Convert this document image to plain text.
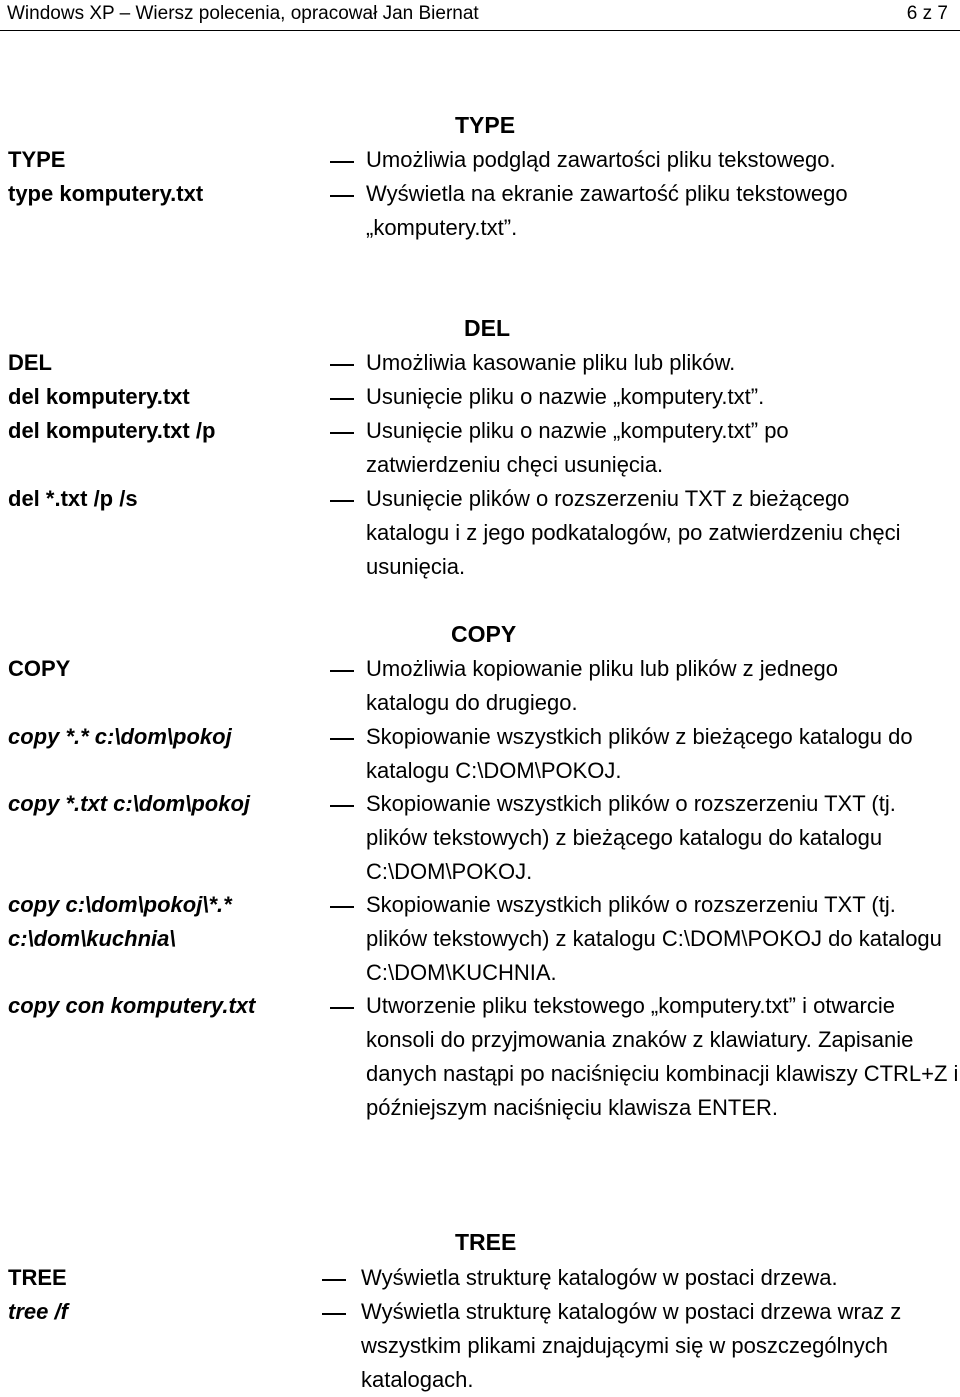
Windows XP – Wiersz polecenia, opracował Jan Biernat	6 z 7
TYPE
TYPE
type komputery.txt
Umożliwia podgląd zawartości pliku tekstowego.
Wyświetla na ekranie zawartość pliku tekstowego „komputery.txt”.
DEL
DEL
del komputery.txt
del komputery.txt /p
del *.txt /p /s
Umożliwia kasowanie pliku lub plików.
Usunięcie pliku o nazwie „komputery.txt”.
Usunięcie pliku o nazwie „komputery.txt” po zatwierdzeniu chęci usunięcia.
Usunięcie plików o rozszerzeniu TXT z bieżącego katalogu i z jego podkatalogów, po zatwierdzeniu chęci usunięcia.
COPY
COPY
copy *.* c:\dom\pokoj
copy *.txt c:\dom\pokoj
copy c:\dom\pokoj\*.*
c:\dom\kuchnia\
copy con komputery.txt
Umożliwia kopiowanie pliku lub plików z jednego katalogu do drugiego.
Skopiowanie wszystkich plików z bieżącego katalogu do katalogu C:\DOM\POKOJ.
Skopiowanie wszystkich plików o rozszerzeniu TXT (tj. plików tekstowych) z bieżącego katalogu do katalogu C:\DOM\POKOJ.
Skopiowanie wszystkich plików o rozszerzeniu TXT (tj. plików tekstowych) z katalogu C:\DOM\POKOJ do katalogu C:\DOM\KUCHNIA.
Utworzenie pliku tekstowego „komputery.txt” i otwarcie konsoli do przyjmowania znaków z klawiatury. Zapisanie danych nastąpi po naciśnięciu kombinacji klawiszy CTRL+Z i późniejszym naciśnięciu klawisza ENTER.
TREE
TREE
tree /f
Wyświetla strukturę katalogów w postaci drzewa.
Wyświetla strukturę katalogów w postaci drzewa wraz z wszystkim plikami znajdującymi się w poszczególnych katalogach.
